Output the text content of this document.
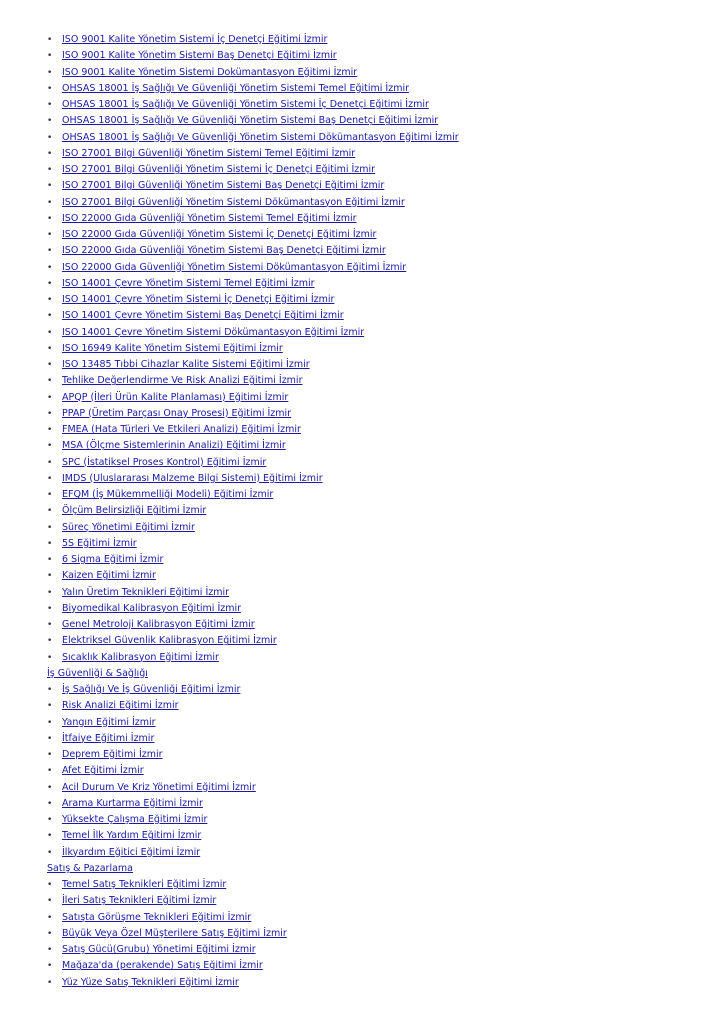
•	ISO 9001 Kalite Yönetim Sistemi İç Denetçi Eğitimi İzmir
•	ISO 9001 Kalite Yönetim Sistemi Baş Denetçi Eğitimi İzmir
•	ISO 9001 Kalite Yönetim Sistemi Dokümantasyon Eğitimi İzmir
•	OHSAS 18001 İş Sağlığı Ve Güvenliği Yönetim Sistemi Temel Eğitimi İzmir
•	OHSAS 18001 İş Sağlığı Ve Güvenliği Yönetim Sistemi İç Denetçi Eğitimi İzmir
•	OHSAS 18001 İş Sağlığı Ve Güvenliği Yönetim Sistemi Baş Denetçi Eğitimi İzmir
•	OHSAS 18001 İş Sağlığı Ve Güvenliği Yönetim Sistemi Dökümantasyon Eğitimi İzmir
•	ISO 27001 Bilgi Güvenliği Yönetim Sistemi Temel Eğitimi İzmir
•	ISO 27001 Bilgi Güvenliği Yönetim Sistemi İç Denetçi Eğitimi İzmir
•	ISO 27001 Bilgi Güvenliği Yönetim Sistemi Baş Denetçi Eğitimi İzmir
•	ISO 27001 Bilgi Güvenliği Yönetim Sistemi Dökümantasyon Eğitimi İzmir
•	ISO 22000 Gıda Güvenliği Yönetim Sistemi Temel Eğitimi İzmir
•	ISO 22000 Gıda Güvenliği Yönetim Sistemi İç Denetçi Eğitimi İzmir
•	ISO 22000 Gıda Güvenliği Yönetim Sistemi Baş Denetçi Eğitimi İzmir
•	ISO 22000 Gıda Güvenliği Yönetim Sistemi Dökümantasyon Eğitimi İzmir
•	ISO 14001 Çevre Yönetim Sistemi Temel Eğitimi İzmir
•	ISO 14001 Çevre Yönetim Sistemi İç Denetçi Eğitimi İzmir
•	ISO 14001 Çevre Yönetim Sistemi Baş Denetçi Eğitimi İzmir
•	ISO 14001 Çevre Yönetim Sistemi Dökümantasyon Eğitimi İzmir
•	ISO 16949 Kalite Yönetim Sistemi Eğitimi İzmir
•	ISO 13485 Tıbbi Cihazlar Kalite Sistemi Eğitimi İzmir
•	Tehlike Değerlendirme Ve Risk Analizi Eğitimi İzmir
•	APQP (İleri Ürün Kalite Planlaması) Eğitimi İzmir
•	PPAP (Üretim Parçası Onay Prosesi) Eğitimi İzmir
•	FMEA (Hata Türleri Ve Etkileri Analizi) Eğitimi İzmir
•	MSA (Ölçme Sistemlerinin Analizi) Eğitimi İzmir
•	SPC (İstatiksel Proses Kontrol) Eğitimi İzmir
•	IMDS (Uluslararası Malzeme Bilgi Sistemi) Eğitimi İzmir
•	EFQM (İş Mükemmelliği Modeli) Eğitimi İzmir
•	Ölçüm Belirsizliği Eğitimi İzmir
•	Süreç Yönetimi Eğitimi İzmir
•	5S Eğitimi İzmir
•	6 Sigma Eğitimi İzmir
•	Kaizen Eğitimi İzmir
•	Yalın Üretim Teknikleri Eğitimi İzmir
•	Biyomedikal Kalibrasyon Eğitimi İzmir
•	Genel Metroloji Kalibrasyon Eğitimi İzmir
•	Elektriksel Güvenlik Kalibrasyon Eğitimi İzmir
•	Sıcaklık Kalibrasyon Eğitimi İzmir
İş Güvenliği & Sağlığı
•	İş Sağlığı Ve İş Güvenliği Eğitimi İzmir
•	Risk Analizi Eğitimi İzmir
•	Yangın Eğitimi İzmir
•	İtfaiye Eğitimi İzmir
•	Deprem Eğitimi İzmir
•	Afet Eğitimi İzmir
•	Acil Durum Ve Kriz Yönetimi Eğitimi İzmir
•	Arama Kurtarma Eğitimi İzmir
•	Yüksekte Çalışma Eğitimi İzmir
•	Temel İlk Yardım Eğitimi İzmir
•	İlkyardım Eğitici Eğitimi İzmir
Satış & Pazarlama
•	Temel Satış Teknikleri Eğitimi İzmir
•	İleri Satış Teknikleri Eğitimi İzmir
•	Satışta Görüşme Teknikleri Eğitimi İzmir
•	Büyük Veya Özel Müşterilere Satış Eğitimi İzmir
•	Satış Gücü(Grubu) Yönetimi Eğitimi İzmir
•	Mağaza'da (perakende) Satış Eğitimi İzmir
•	Yüz Yüze Satış Teknikleri Eğitimi İzmir
